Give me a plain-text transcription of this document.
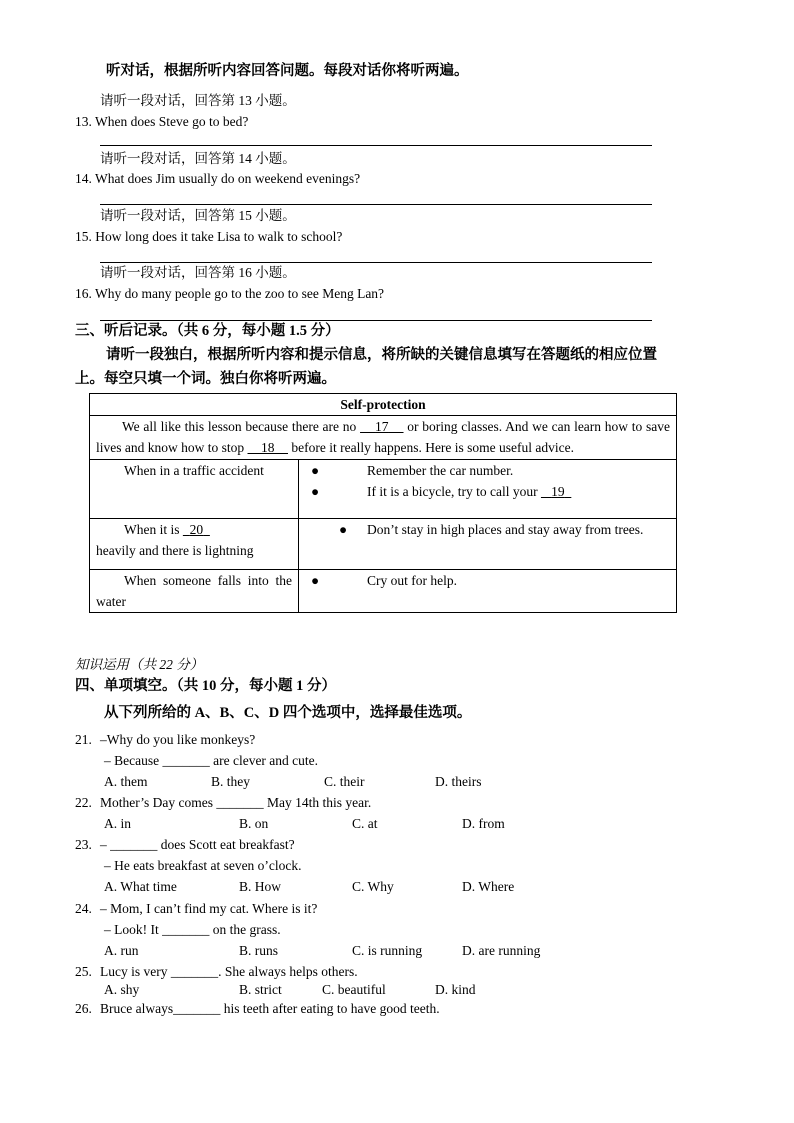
听对话，根据所听内容回答问题。每段对话你将听两遍。
请听一段对话，回答第 13 小题。
13. When does Steve go to bed?
请听一段对话，回答第 14 小题。
14. What does Jim usually do on weekend evenings?
请听一段对话，回答第 15 小题。
15. How long does it take Lisa to walk to school?
请听一段对话，回答第 16 小题。
16. Why do many people go to the zoo to see Meng Lan?
三、听后记录。（共 6 分，每小题 1.5 分）
请听一段独白，根据所听内容和提示信息，将所缺的关键信息填写在答题纸的相应位置
上。每空只填一个词。独白你将听两遍。
Self-protection	
We all like this lesson because there are no 17 or boring classes. And we can learn how to save lives and know how to stop 18 before it really happens. Here is some useful advice.	
When in a traffic accident	● Remember the car number.
● If it is a bicycle, try to call your 19

When it is 20
heavily and there is lightning	● Don’t stay in high places and stay away from trees.

When someone falls into the water	● Cry out for help.
知识运用（共 22 分）
四、单项填空。（共 10 分，每小题 1 分）
从下列所给的 A、B、C、D 四个选项中，选择最佳选项。
21. –Why do you like monkeys?
– Because _______ are clever and cute.
A. them	B. they	C. their	D. theirs
22. Mother’s Day comes _______ May 14th this year.
A. in	B. on	C. at	D. from
23. – _______ does Scott eat breakfast?
– He eats breakfast at seven o’clock.
A. What time	B. How	C. Why	D. Where
24. – Mom, I can’t find my cat. Where is it?
– Look! It _______ on the grass.
A. run	B. runs	C. is running	D. are running
25. Lucy is very _______. She always helps others.
A. shy	B. strict	C. beautiful	D. kind
26. Bruce always_______ his teeth after eating to have good teeth.
